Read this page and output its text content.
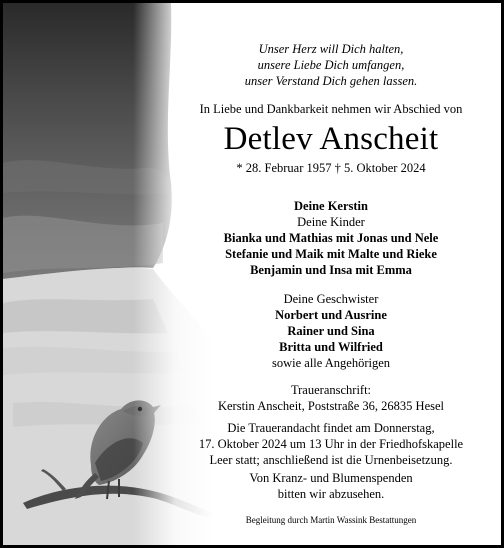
Unser Herz will Dich halten,
unsere Liebe Dich umfangen,
unser Verstand Dich gehen lassen.
In Liebe und Dankbarkeit nehmen wir Abschied von
Detlev Anscheit
* 28. Februar 1957 † 5. Oktober 2024
Deine Kerstin
Deine Kinder
Bianka und Mathias mit Jonas und Nele
Stefanie und Maik mit Malte und Rieke
Benjamin und Insa mit Emma
Deine Geschwister
Norbert und Ausrine
Rainer und Sina
Britta und Wilfried
sowie alle Angehörigen
Traueranschrift:
Kerstin Anscheit, Poststraße 36, 26835 Hesel
Die Trauerandacht findet am Donnerstag,
17. Oktober 2024 um 13 Uhr in der Friedhofskapelle
Leer statt; anschließend ist die Urnenbeisetzung.
Von Kranz- und Blumenspenden
bitten wir abzusehen.
Begleitung durch Martin Wassink Bestattungen
